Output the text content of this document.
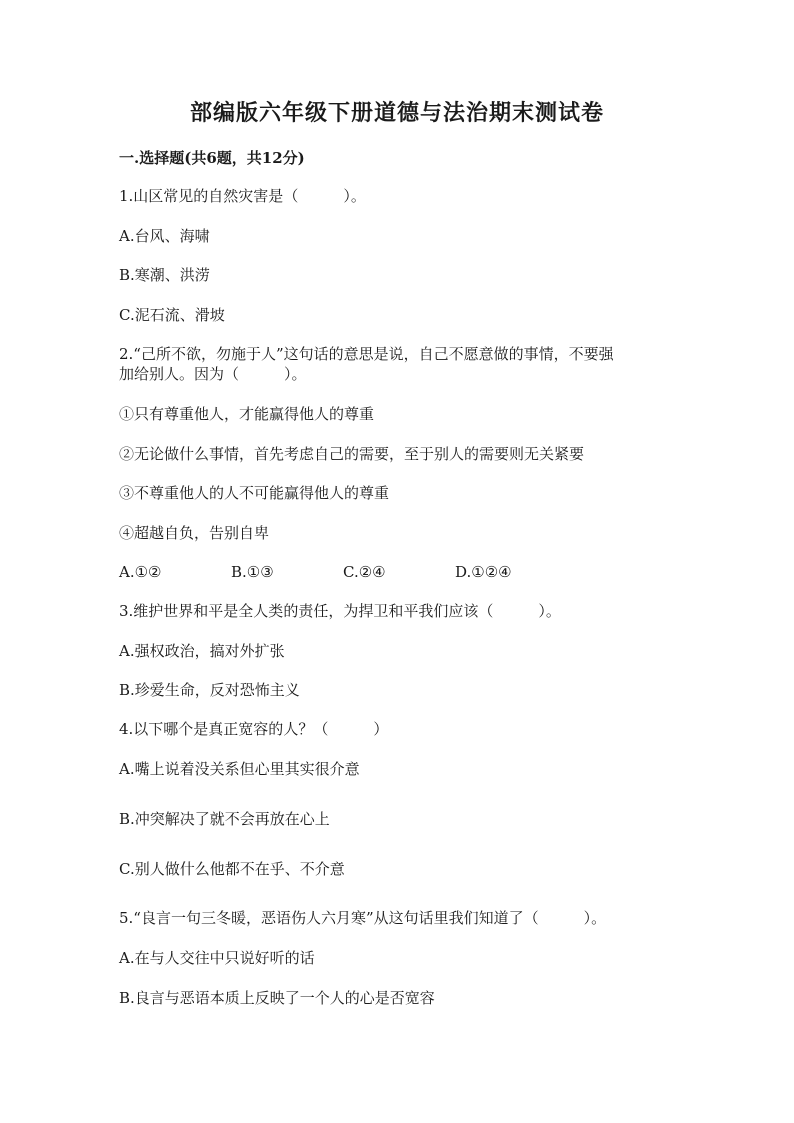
部编版六年级下册道德与法治期末测试卷
一.选择题(共6题，共12分)
1.山区常见的自然灾害是（　　　）。
A.台风、海啸
B.寒潮、洪涝
C.泥石流、滑坡
2.“己所不欲，勿施于人”这句话的意思是说，自己不愿意做的事情，不要强
加给别人。因为（　　　）。
①只有尊重他人，才能赢得他人的尊重
②无论做什么事情，首先考虑自己的需要，至于别人的需要则无关紧要
③不尊重他人的人不可能赢得他人的尊重
④超越自负，告别自卑
A.①②	B.①③	C.②④	D.①②④
3.维护世界和平是全人类的责任，为捍卫和平我们应该（　　　）。
A.强权政治，搞对外扩张
B.珍爱生命，反对恐怖主义
4.以下哪个是真正宽容的人？（　　　）
A.嘴上说着没关系但心里其实很介意
B.冲突解决了就不会再放在心上
C.别人做什么他都不在乎、不介意
5.“良言一句三冬暖，恶语伤人六月寒”从这句话里我们知道了（　　　）。
A.在与人交往中只说好听的话
B.良言与恶语本质上反映了一个人的心是否宽容
